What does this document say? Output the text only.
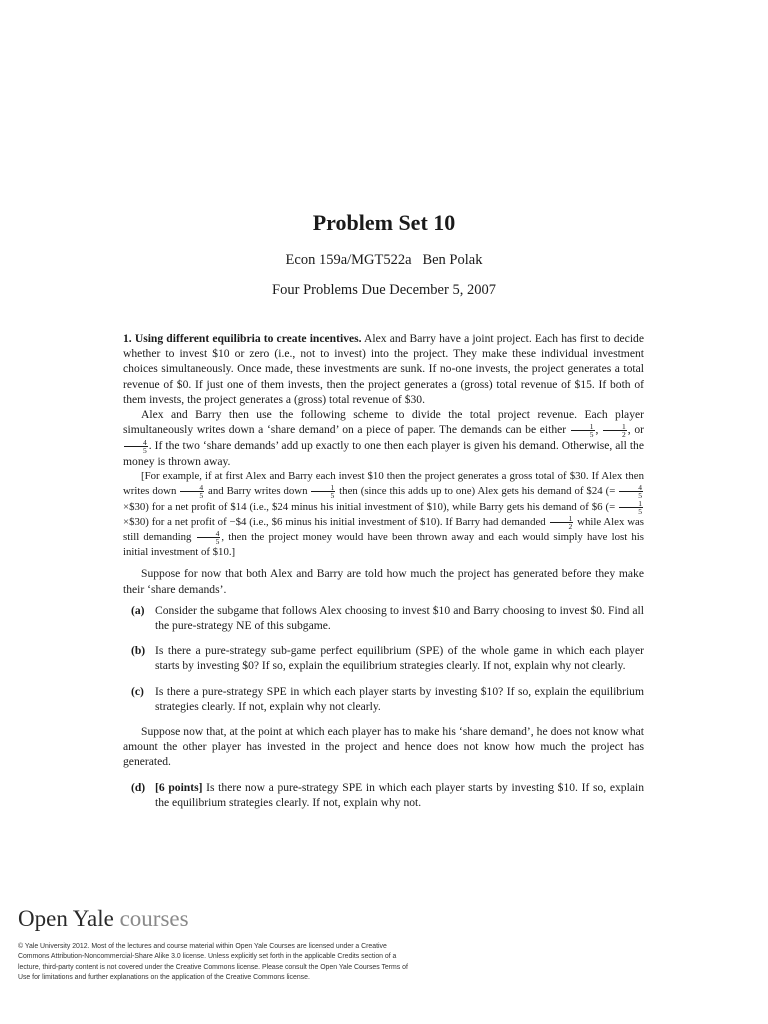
Problem Set 10
Econ 159a/MGT522a Ben Polak
Four Problems Due December 5, 2007

1. Using different equilibria to create incentives. Alex and Barry have a joint project. Each has first to decide whether to invest $10 or zero (i.e., not to invest) into the project. They make these individual investment choices simultaneously. Once made, these investments are sunk. If no-one invests, the project generates a total revenue of $0. If just one of them invests, then the project generates a (gross) total revenue of $15. If both of them invests, the project generates a (gross) total revenue of $30.

Alex and Barry then use the following scheme to divide the total project revenue. Each player simultaneously writes down a ‘share demand’ on a piece of paper. The demands can be either $\frac{1}{5}$ , $\frac{1}{2}$ , or
$\frac{4}{5}$ . If the two ‘share demands’ add up exactly to one then each player is given his demand. Otherwise, all the money is thrown away.

[For example, if at first Alex and Barry each invest $10 then the project generates a gross total of $30. If Alex then writes down $\frac{4}{5}$ and Barry writes down $\frac{1}{5}$ then (since this adds up to one) Alex gets his demand of $24 (= $\frac{4}{5}$
×$30) for a net profit of $14 (i.e., $24 minus his initial investment of $10), while Barry gets his demand of $6 (= $\frac{1}{5}$
×$30) for a net profit of −$4 (i.e., $6 minus his initial investment of $10). If Barry had demanded $\frac{1}{2}$ while Alex was still demanding $\frac{4}{5}$ , then the project money would have been thrown away and each would simply have lost his initial investment of $10.]

Suppose for now that both Alex and Barry are told how much the project has generated before they make their ‘share demands’.

(a) Consider the subgame that follows Alex choosing to invest $10 and Barry choosing to invest $0. Find all the pure-strategy NE of this subgame.
(b) Is there a pure-strategy sub-game perfect equilibrium (SPE) of the whole game in which each player starts by investing $0? If so, explain the equilibrium strategies clearly. If not, explain why not clearly.
(c) Is there a pure-strategy SPE in which each player starts by investing $10? If so, explain the equilibrium strategies clearly. If not, explain why not clearly.

Suppose now that, at the point at which each player has to make his ‘share demand’, he does not know what amount the other player has invested in the project and hence does not know how much the project has generated.

(d) [6 points] Is there now a pure-strategy SPE in which each player starts by investing $10. If so, explain the equilibrium strategies clearly. If not, explain why not.
Open Yale courses
© Yale University 2012. Most of the lectures and course material within Open Yale Courses are licensed under a Creative Commons Attribution-Noncommercial-Share Alike 3.0 license. Unless explicitly set forth in the applicable Credits section of a lecture, third-party content is not covered under the Creative Commons license. Please consult the Open Yale Courses Terms of Use for limitations and further explanations on the application of the Creative Commons license.
